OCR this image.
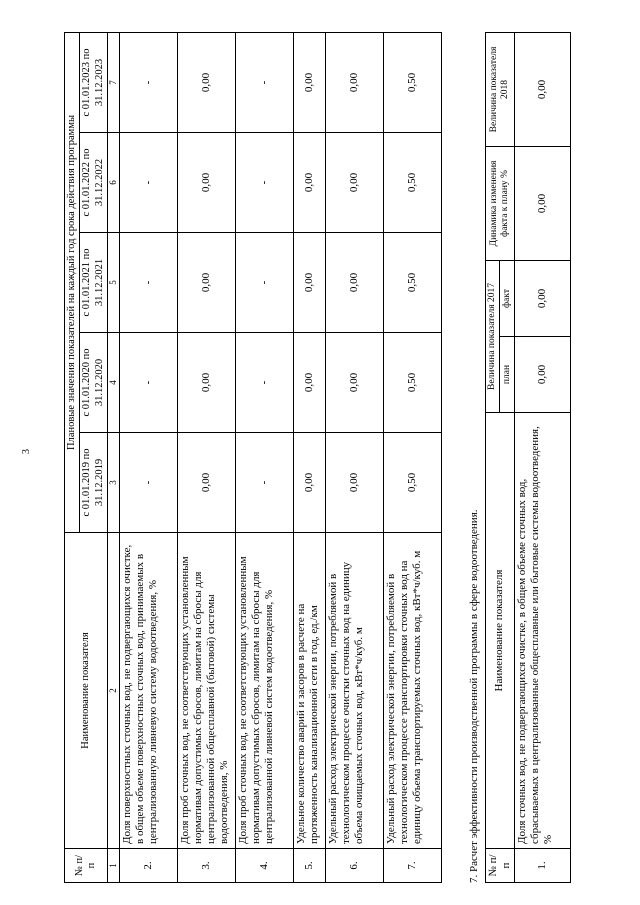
3
№ п/п	Наименование показателя	Плановые значения показателей на каждый год срока действия программы				
		с 01.01.2019 по 31.12.2019	с 01.01.2020 по 31.12.2020	с 01.01.2021 по 31.12.2021	с 01.01.2022 по 31.12.2022	с 01.01.2023 по 31.12.2023
1	2	3	4	5	6	7
2.	Доля поверхностных сточных вод, не подвергающихся очистке, в общем объеме поверхностных сточных вод, принимаемых в централизованную ливневую систему водоотведения, %	-	-	-	-	-
3.	Доля проб сточных вод, не соответствующих установленным нормативам допустимых сбросов, лимитам на сбросы для централизованной общесплавной (бытовой) системы водоотведения, %	0,00	0,00	0,00	0,00	0,00
4.	Доля проб сточных вод, не соответствующих установленным нормативам допустимых сбросов, лимитам на сбросы для централизованной ливневой систем водоотведения, %	-	-	-	-	-
5.	Удельное количество аварий и засоров в расчете на протяженность канализационной сети в год, ед./км	0,00	0,00	0,00	0,00	0,00
6.	Удельный расход электрической энергии, потребляемой в технологическом процессе очистки сточных вод на единицу объема очищаемых сточных вод, кВт*ч/куб. м	0,00	0,00	0,00	0,00	0,00
7.	Удельный расход электрической энергии, потребляемой в технологическом процессе транспортировки сточных вод на единицу объема транспортируемых сточных вод, кВт*ч/куб. м	0,50	0,50	0,50	0,50	0,50
7. Расчет эффективности производственной программы в сфере водоотведения. № п/п	Наименование показателя	Величина показателя 2017		Динамика изменения факта к плану %	Величина показателя 2018
		план	факт		
1.	Доля сточных вод, не подвергающихся очистке, в общем объеме сточных вод, сбрасываемых в централизованные общесплавные или бытовые системы водоотведения, %	0,00	0,00	0,00	0,00
